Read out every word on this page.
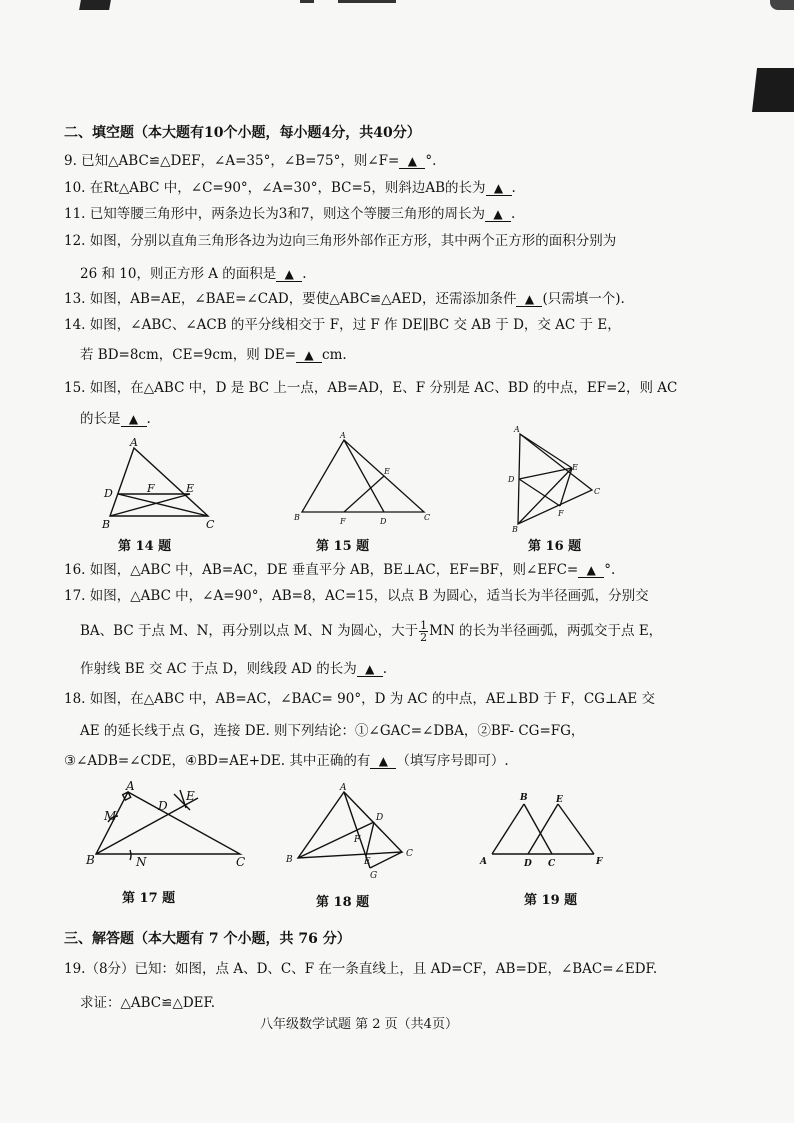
二、填空题（本大题有10个小题，每小题4分，共40分）
9. 已知△ABC≌△DEF，∠A=35°，∠B=75°，则∠F= ▲ °.
10. 在Rt△ABC 中，∠C=90°，∠A=30°，BC=5，则斜边AB的长为 ▲ .
11. 已知等腰三角形中，两条边长为3和7，则这个等腰三角形的周长为 ▲ .
12. 如图，分别以直角三角形各边为边向三角形外部作正方形，其中两个正方形的面积分别为
26 和 10，则正方形 A 的面积是 ▲ .
13. 如图，AB=AE，∠BAE=∠CAD，要使△ABC≌△AED，还需添加条件 ▲ (只需填一个).
14. 如图，∠ABC、∠ACB 的平分线相交于 F，过 F 作 DE∥BC 交 AB 于 D，交 AC 于 E，
若 BD=8cm，CE=9cm，则 DE= ▲ cm.
15. 如图，在△ABC 中，D 是 BC 上一点，AB=AD，E、F 分别是 AC、BD 的中点，EF=2，则 AC
的长是 ▲ .
A
B	C
D	E
F
A
B	C
D
E
F
A
B
C
D
E
F
第 14 题	第 15 题	第 16 题
16. 如图，△ABC 中，AB=AC，DE 垂直平分 AB，BE⊥AC，EF=BF，则∠EFC= ▲ °.
17. 如图，△ABC 中，∠A=90°，AB=8，AC=15，以点 B 为圆心，适当长为半径画弧，分别交
BA、BC 于点 M、N，再分别以点 M、N 为圆心，大于 $\frac{1}{2}$ MN 的长为半径画弧，两弧交于点 E，
作射线 BE 交 AC 于点 D，则线段 AD 的长为 ▲ .
18. 如图，在△ABC 中，AB=AC，∠BAC= 90°，D 为 AC 的中点，AE⊥BD 于 F，CG⊥AE 交
AE 的延长线于点 G，连接 DE. 则下列结论：①∠GAC=∠DBA，②BF- CG=FG，
③∠ADB=∠CDE，④BD=AE+DE. 其中正确的有 ▲ （填写序号即可）.
A
B	C
D
E
M
N
A
B
C
D
E
F
G
B	E
A	D C	F
第 17 题	第 18 题	第 19 题
三、解答题（本大题有 7 个小题，共 76 分）
19.（8分）已知：如图，点 A、D、C、F 在一条直线上，且 AD=CF，AB=DE，∠BAC=∠EDF.
求证：△ABC≌△DEF.
八年级数学试题 第 2 页（共4页）
